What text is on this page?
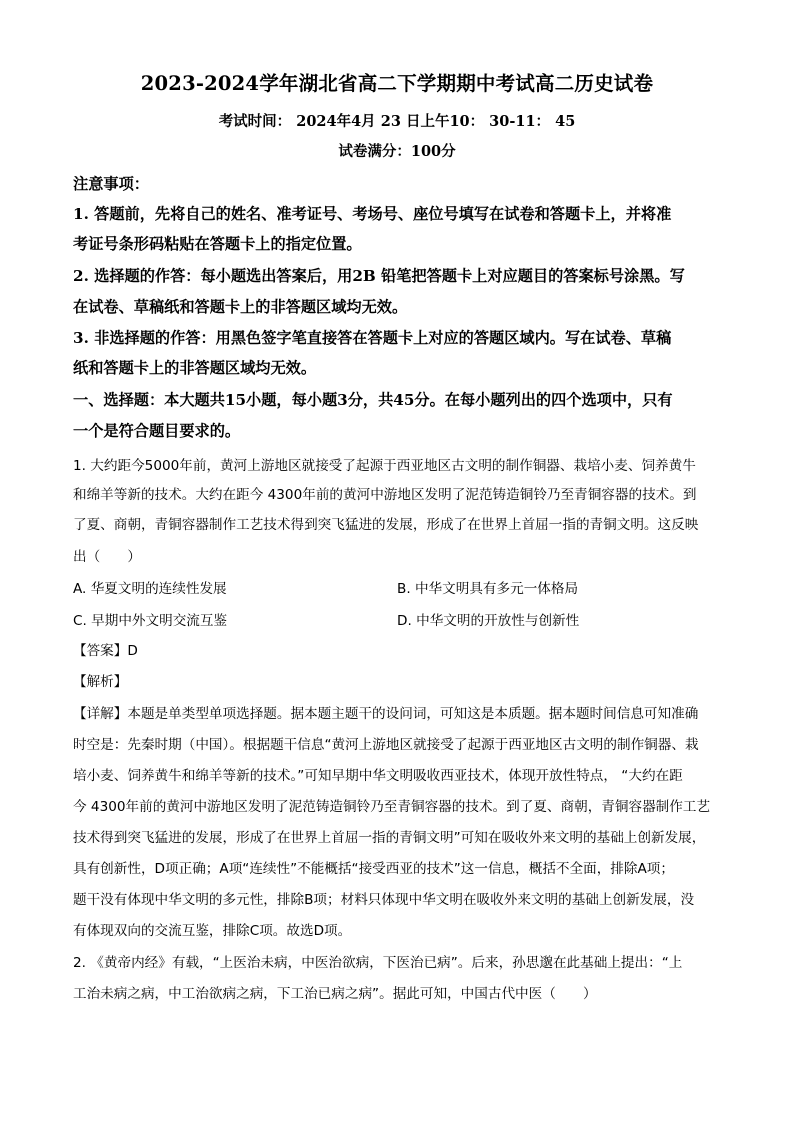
2023-2024学年湖北省高二下学期期中考试高二历史试卷
考试时间： 2024年4月 23 日上午10： 30-11： 45
试卷满分：100分
注意事项：
1. 答题前，先将自己的姓名、准考证号、考场号、座位号填写在试卷和答题卡上，并将准
考证号条形码粘贴在答题卡上的指定位置。
2. 选择题的作答：每小题选出答案后，用2B 铅笔把答题卡上对应题目的答案标号涂黑。写
在试卷、草稿纸和答题卡上的非答题区域均无效。
3. 非选择题的作答：用黑色签字笔直接答在答题卡上对应的答题区域内。写在试卷、草稿
纸和答题卡上的非答题区域均无效。
一、选择题：本大题共15小题，每小题3分，共45分。在每小题列出的四个选项中，只有
一个是符合题目要求的。
1. 大约距今5000年前，黄河上游地区就接受了起源于西亚地区古文明的制作铜器、栽培小麦、饲养黄牛
和绵羊等新的技术。大约在距今 4300年前的黄河中游地区发明了泥范铸造铜铃乃至青铜容器的技术。到
了夏、商朝，青铜容器制作工艺技术得到突飞猛进的发展，形成了在世界上首屈一指的青铜文明。这反映
出（　　）
A. 华夏文明的连续性发展	B. 中华文明具有多元一体格局
C. 早期中外文明交流互鉴	D. 中华文明的开放性与创新性
【答案】D
【解析】
【详解】本题是单类型单项选择题。据本题主题干的设问词，可知这是本质题。据本题时间信息可知准确
时空是：先秦时期（中国）。根据题干信息“黄河上游地区就接受了起源于西亚地区古文明的制作铜器、栽
培小麦、饲养黄牛和绵羊等新的技术。”可知早期中华文明吸收西亚技术，体现开放性特点， “大约在距
今 4300年前的黄河中游地区发明了泥范铸造铜铃乃至青铜容器的技术。到了夏、商朝，青铜容器制作工艺
技术得到突飞猛进的发展，形成了在世界上首屈一指的青铜文明”可知在吸收外来文明的基础上创新发展，
具有创新性，D项正确；A项“连续性”不能概括“接受西亚的技术”这一信息，概括不全面，排除A项；
题干没有体现中华文明的多元性，排除B项；材料只体现中华文明在吸收外来文明的基础上创新发展，没
有体现双向的交流互鉴，排除C项。故选D项。
2. 《黄帝内经》有载，“上医治未病，中医治欲病，下医治已病”。后来，孙思邈在此基础上提出：“上
工治未病之病，中工治欲病之病，下工治已病之病”。据此可知，中国古代中医（　　）
